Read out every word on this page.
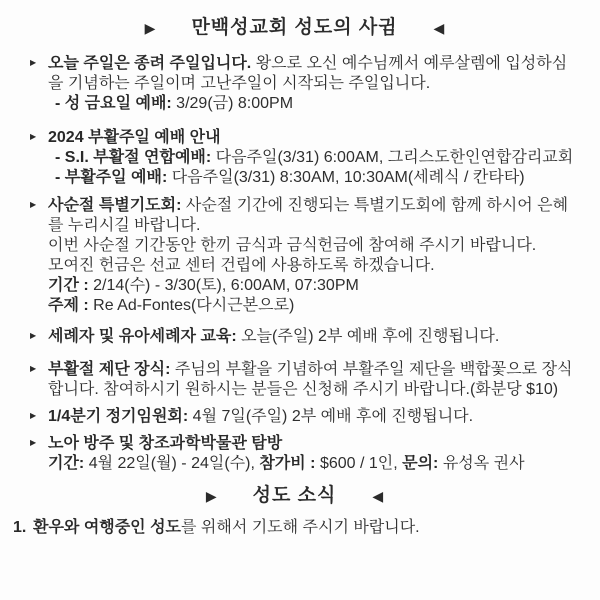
▶ 만백성교회 성도의 사귐	◀
▶ 오늘 주일은 종려 주일입니다. 왕으로 오신 예수님께서 예루살렘에 입성하심을 기념하는 주일이며 고난주일이 시작되는 주일입니다.

- 성 금요일 예배: 3/29(금) 8:00PM

▶ 2024 부활주일 예배 안내

- S.I. 부활절 연합예배: 다음주일(3/31) 6:00AM, 그리스도한인연합감리교회

- 부활주일 예배: 다음주일(3/31) 8:30AM, 10:30AM(세례식 / 칸타타)

▶ 사순절 특별기도회: 사순절 기간에 진행되는 특별기도회에 함께 하시어 은혜를 누리시길 바랍니다.

이번 사순절 기간동안 한끼 금식과 금식헌금에 참여해 주시기 바랍니다.

모여진 헌금은 선교 센터 건립에 사용하도록 하겠습니다.

기간 : 2/14(수) - 3/30(토), 6:00AM, 07:30PM

주제 : Re Ad-Fontes(다시근본으로)

▶ 세례자 및 유아세례자 교육: 오늘(주일) 2부 예배 후에 진행됩니다.

▶ 부활절 제단 장식: 주님의 부활을 기념하여 부활주일 제단을 백합꽃으로 장식합니다. 참여하시기 원하시는 분들은 신청해 주시기 바랍니다.(화분당 $10)

▶ 1/4분기 정기임원회: 4월 7일(주일) 2부 예배 후에 진행됩니다.

▶ 노아 방주 및 창조과학박물관 탐방

기간: 4월 22일(월) - 24일(수), 참가비 : $600 / 1인, 문의: 유성옥 권사

▶ 성도 소식	◀
1. 환우와 여행중인 성도를 위해서 기도해 주시기 바랍니다.
